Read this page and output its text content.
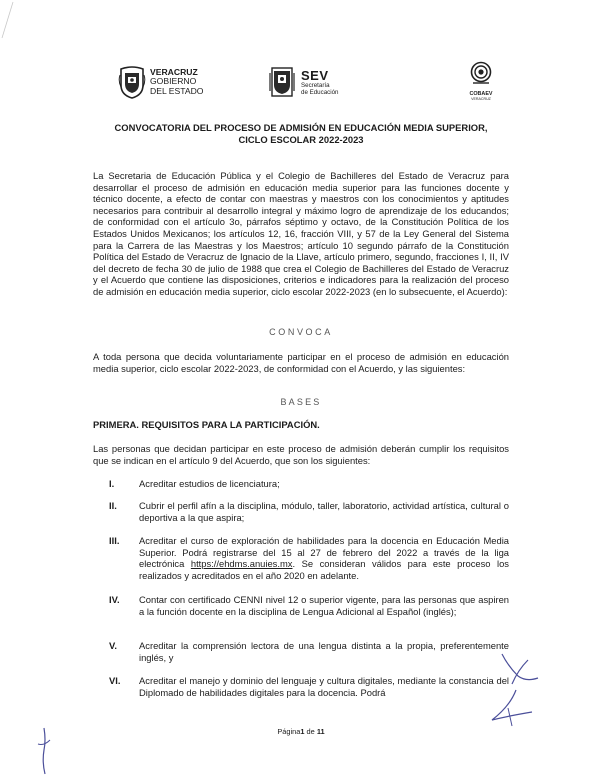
VERACRUZ
GOBIERNO
DEL ESTADO
SEV
Secretaría
de Educación	COBAEV
VERACRUZ
CONVOCATORIA DEL PROCESO DE ADMISIÓN EN EDUCACIÓN MEDIA SUPERIOR,
CICLO ESCOLAR 2022-2023
La Secretaria de Educación Pública y el Colegio de Bachilleres del Estado de Veracruz para desarrollar el proceso de admisión en educación media superior para las funciones docente y técnico docente, a efecto de contar con maestras y maestros con los conocimientos y aptitudes necesarios para contribuir al desarrollo integral y máximo logro de aprendizaje de los educandos; de conformidad con el artículo 3o, párrafos séptimo y octavo, de la Constitución Política de los Estados Unidos Mexicanos; los artículos 12, 16, fracción VIII, y 57 de la Ley General del Sistema para la Carrera de las Maestras y los Maestros; artículo 10 segundo párrafo de la Constitución Política del Estado de Veracruz de Ignacio de la Llave, artículo primero, segundo, fracciones I, II, IV del decreto de fecha 30 de julio de 1988 que crea el Colegio de Bachilleres del Estado de Veracruz y el Acuerdo que contiene las disposiciones, criterios e indicadores para la realización del proceso de admisión en educación media superior, ciclo escolar 2022-2023 (en lo subsecuente, el Acuerdo):
CONVOCA
A toda persona que decida voluntariamente participar en el proceso de admisión en educación media superior, ciclo escolar 2022-2023, de conformidad con el Acuerdo, y las siguientes:
BASES
PRIMERA. REQUISITOS PARA LA PARTICIPACIÓN.
Las personas que decidan participar en este proceso de admisión deberán cumplir los requisitos que se indican en el artículo 9 del Acuerdo, que son los siguientes:
I.	Acreditar estudios de licenciatura;
II.	Cubrir el perfil afín a la disciplina, módulo, taller, laboratorio, actividad artística, cultural o deportiva a la que aspira;
III.	Acreditar el curso de exploración de habilidades para la docencia en Educación Media Superior. Podrá registrarse del 15 al 27 de febrero del 2022 a través de la liga electrónica https://ehdms.anuies.mx. Se consideran válidos para este proceso los realizados y acreditados en el año 2020 en adelante.
IV.	Contar con certificado CENNI nivel 12 o superior vigente, para las personas que aspiren a la función docente en la disciplina de Lengua Adicional al Español (inglés);
V.	Acreditar la comprensión lectora de una lengua distinta a la propia, preferentemente inglés, y
VI.	Acreditar el manejo y dominio del lenguaje y cultura digitales, mediante la constancia del Diplomado de habilidades digitales para la docencia. Podrá
Página1 de 11
